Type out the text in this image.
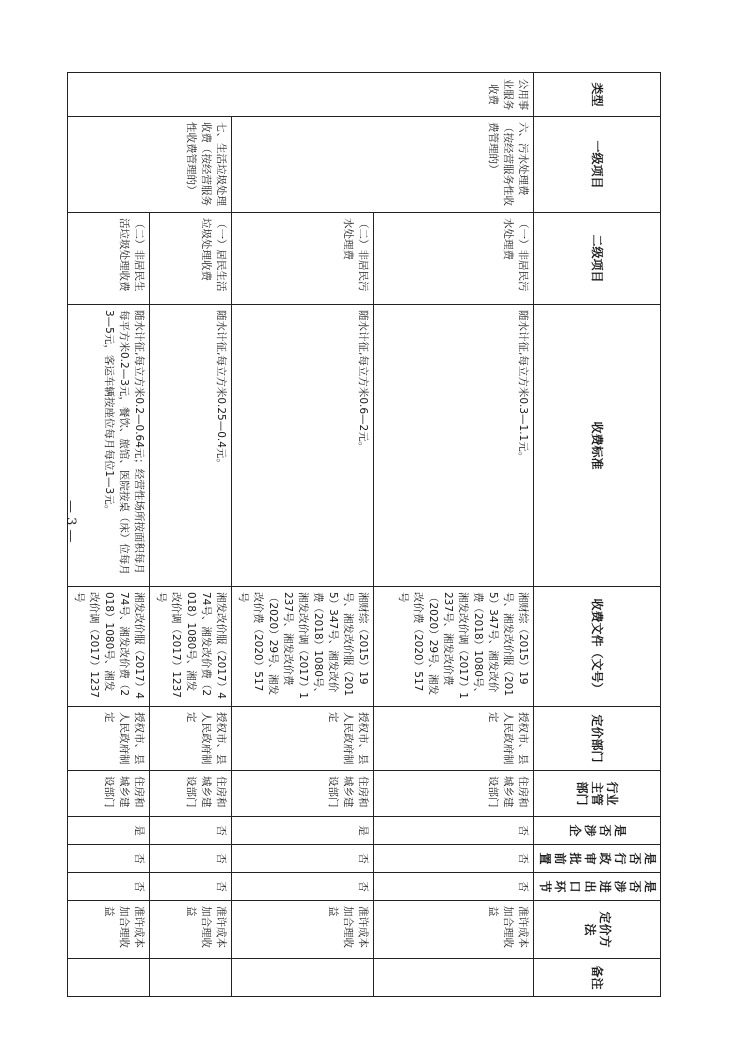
类型	一级项目	二级项目	收费标准	收费文件（文号）	定价部门	行业主管部门	是否涉企	是否行政审批前置	是否涉进出口环节	定价方法	备注
公用事业服务收费	六、污水处理费（按经营服务性收费管理的）	（一）非居民污水处理费	随水计征,每立方米0.3—1.1元。	湘财综（2015）19号、湘发改价服（2015）347号、湘发改价费（2018）1080号、湘发改价调（2017）1237号、湘发改价费（2020）29号、湘发改价费（2020）517号	授权市、县人民政府制定	住房和城乡建设部门	否	否	否	准许成本加合理收益	
		（二）非居民污水处理费	随水计征,每立方米0.6—2元。	湘财综（2015）19号、湘发改价服（2015）347号、湘发改价费（2018）1080号、湘发改价调（2017）1237号、湘发改价费（2020）29号、湘发改价费（2020）517号	授权市、县人民政府制定	住房和城乡建设部门	是	否	否	准许成本加合理收益	
	七、生活垃圾处理收费（按经营服务性收费管理的）	（一）居民生活垃圾处理收费	随水计征,每立方米0.25—0.4元。	湘发改价服（2017）474号、湘发改价费（2018）1080号、湘发改价调（2017）1237号	授权市、县人民政府制定	住房和城乡建设部门	否	否	否	准许成本加合理收益	
		（二）非居民生活垃圾处理收费	随水计征,每立方米0.2—0.64元；经营性场所按面积每月每平方米0.2—3元，餐饮、旅馆、医院按桌（床）位每月3—5元，客运车辆按座位每月每位1—3元。	湘发改价服（2017）474号、湘发改价费（2018）1080号、湘发改价调（2017）1237号	授权市、县人民政府制定	住房和城乡建设部门	是	否	否	准许成本加合理收益	
— 3 —
